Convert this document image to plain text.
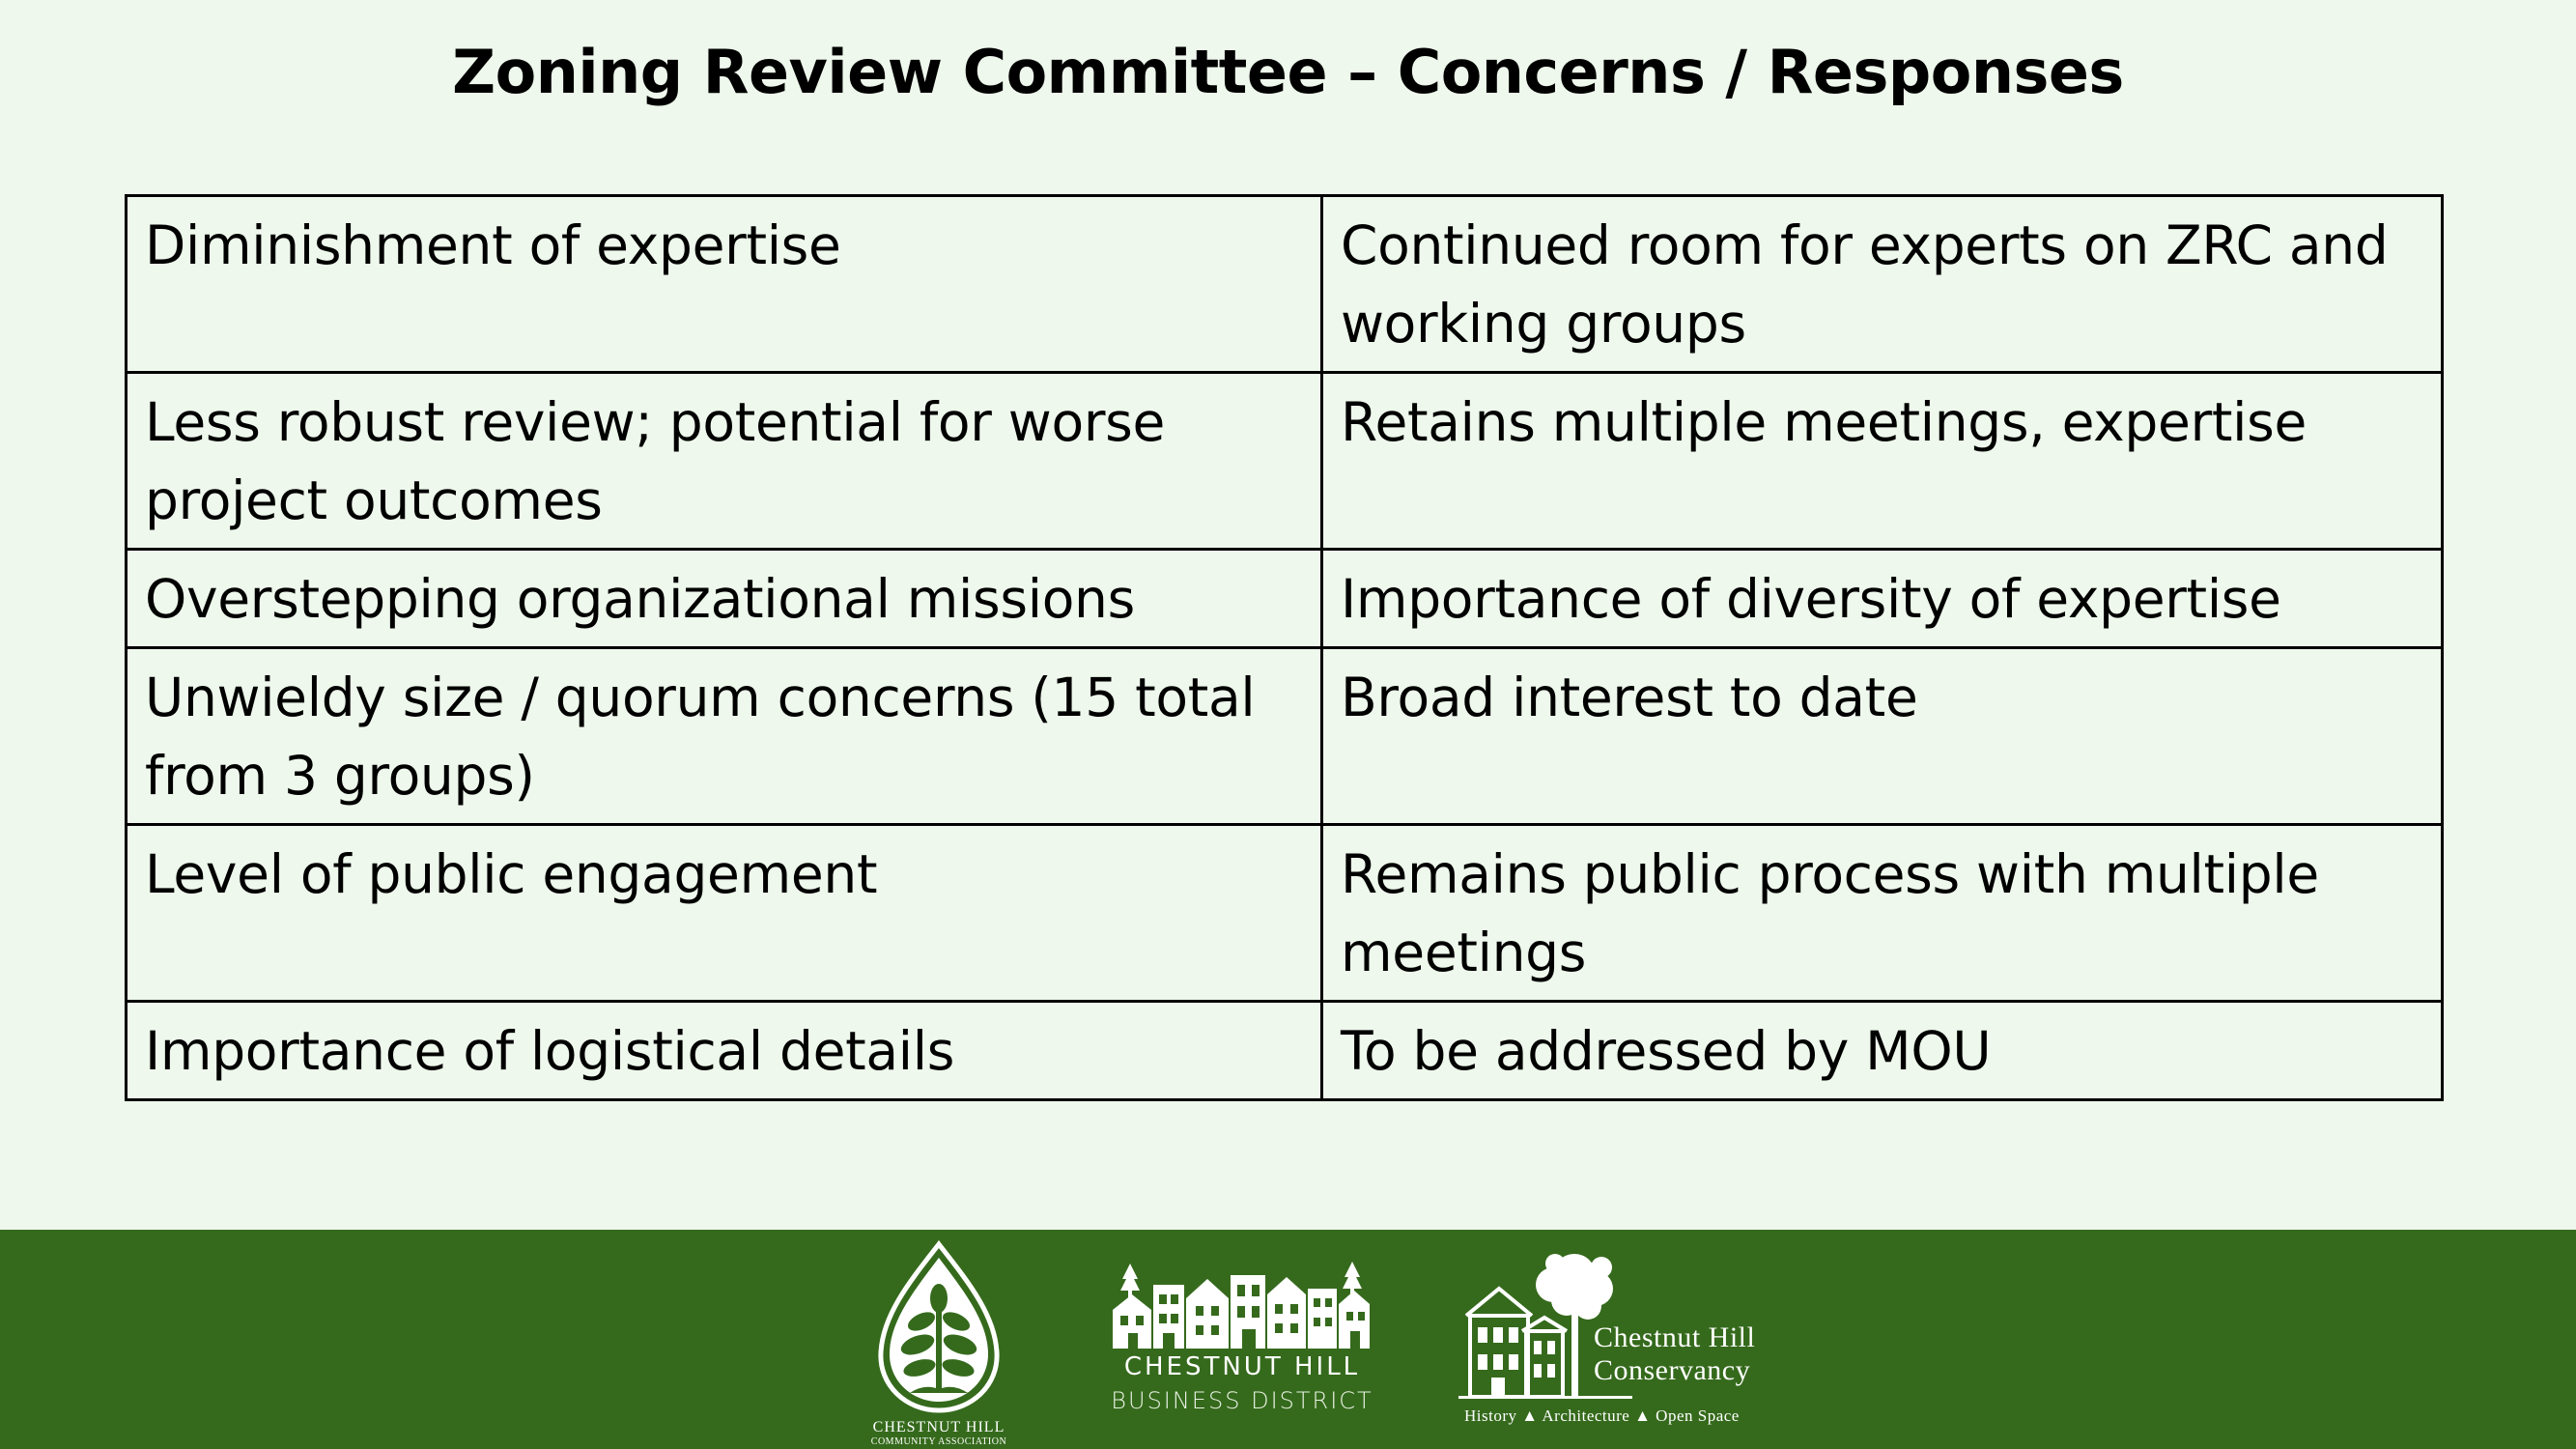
Zoning Review Committee – Concerns / Responses
Diminishment of expertise	Continued room for experts on ZRC and working groups
Less robust review; potential for worse project outcomes	Retains multiple meetings, expertise
Overstepping organizational missions	Importance of diversity of expertise
Unwieldy size / quorum concerns (15 total from 3 groups)	Broad interest to date
Level of public engagement	Remains public process with multiple meetings
Importance of logistical details	To be addressed by MOU
CHESTNUT HILL
COMMUNITY ASSOCIATION
CHESTNUT HILL
BUSINESS DISTRICT
Chestnut Hill
Conservancy
History ▲ Architecture ▲ Open Space
